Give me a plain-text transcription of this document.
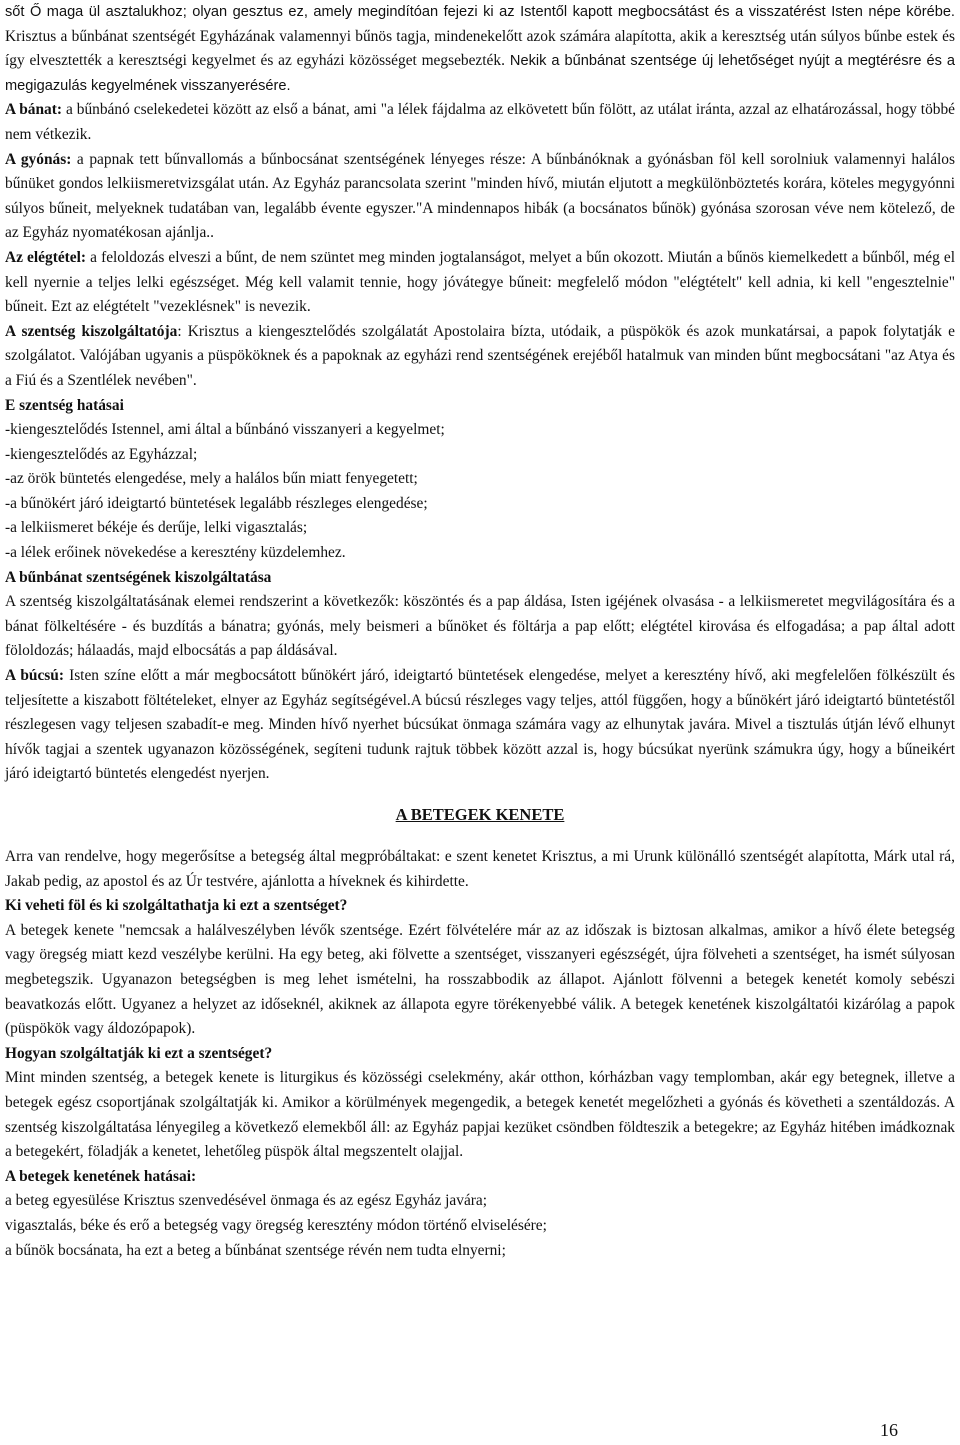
sőt Ő maga ül asztalukhoz; olyan gesztus ez, amely megindítóan fejezi ki az Istentől kapott megbocsátást és a visszatérést Isten népe körébe. Krisztus a bűnbánat szentségét Egyházának valamennyi bűnös tagja, mindenekelőtt azok számára alapította, akik a keresztség után súlyos bűnbe estek és így elvesztették a keresztségi kegyelmet és az egyházi közösséget megsebezték. Nekik a bűnbánat szentsége új lehetőséget nyújt a megtérésre és a megigazulás kegyelmének visszanyerésére.

A bánat: a bűnbánó cselekedetei között az első a bánat, ami "a lélek fájdalma az elkövetett bűn fölött, az utálat iránta, azzal az elhatározással, hogy többé nem vétkezik.

A gyónás: a papnak tett bűnvallomás a bűnbocsánat szentségének lényeges része: A bűnbánóknak a gyónásban föl kell sorolniuk valamennyi halálos bűnüket gondos lelkiismeretvizsgálat után. Az Egyház parancsolata szerint "minden hívő, miután eljutott a megkülönböztetés korára, köteles megygyónni súlyos bűneit, melyeknek tudatában van, legalább évente egyszer."A mindennapos hibák (a bocsánatos bűnök) gyónása szorosan véve nem kötelező, de az Egyház nyomatékosan ajánlja..

Az elégtétel: a feloldozás elveszi a bűnt, de nem szüntet meg minden jogtalanságot, melyet a bűn okozott. Miután a bűnös kiemelkedett a bűnből, még el kell nyernie a teljes lelki egészséget. Még kell valamit tennie, hogy jóvátegye bűneit: megfelelő módon "elégtételt" kell adnia, ki kell "engesztelnie" bűneit. Ezt az elégtételt "vezeklésnek" is nevezik.

A szentség kiszolgáltatója: Krisztus a kiengesztelődés szolgálatát Apostolaira bízta, utódaik, a püspökök és azok munkatársai, a papok folytatják e szolgálatot. Valójában ugyanis a püspököknek és a papoknak az egyházi rend szentségének erejéből hatalmuk van minden bűnt megbocsátani "az Atya és a Fiú és a Szentlélek nevében".

E szentség hatásai
-kiengesztelődés Istennel, ami által a bűnbánó visszanyeri a kegyelmet;
-kiengesztelődés az Egyházzal;
-az örök büntetés elengedése, mely a halálos bűn miatt fenyegetett;
-a bűnökért járó ideigtartó büntetések legalább részleges elengedése;
-a lelkiismeret békéje és derűje, lelki vigasztalás;
-a lélek erőinek növekedése a keresztény küzdelemhez.
A bűnbánat szentségének kiszolgáltatása

A szentség kiszolgáltatásának elemei rendszerint a következők: köszöntés és a pap áldása, Isten igéjének olvasása - a lelkiismeretet megvilágosítára és a bánat fölkeltésére - és buzdítás a bánatra; gyónás, mely beismeri a bűnöket és föltárja a pap előtt; elégtétel kirovása és elfogadása; a pap által adott föloldozás; hálaadás, majd elbocsátás a pap áldásával.

A búcsú: Isten színe előtt a már megbocsátott bűnökért járó, ideigtartó büntetések elengedése, melyet a keresztény hívő, aki megfelelően fölkészült és teljesítette a kiszabott föltételeket, elnyer az Egyház segítségével.A búcsú részleges vagy teljes, attól függően, hogy a bűnökért járó ideigtartó büntetéstől részlegesen vagy teljesen szabadít-e meg. Minden hívő nyerhet búcsúkat önmaga számára vagy az elhunytak javára. Mivel a tisztulás útján lévő elhunyt hívők tagjai a szentek ugyanazon közösségének, segíteni tudunk rajtuk többek között azzal is, hogy búcsúkat nyerünk számukra úgy, hogy a bűneikért járó ideigtartó büntetés elengedést nyerjen.

A BETEGEK KENETE

Arra van rendelve, hogy megerősítse a betegség által megpróbáltakat: e szent kenetet Krisztus, a mi Urunk különálló szentségét alapította, Márk utal rá, Jakab pedig, az apostol és az Úr testvére, ajánlotta a híveknek és kihirdette.

Ki veheti föl és ki szolgáltathatja ki ezt a szentséget?

A betegek kenete "nemcsak a halálveszélyben lévők szentsége. Ezért fölvételére már az az időszak is biztosan alkalmas, amikor a hívő élete betegség vagy öregség miatt kezd veszélybe kerülni. Ha egy beteg, aki fölvette a szentséget, visszanyeri egészségét, újra fölveheti a szentséget, ha ismét súlyosan megbetegszik. Ugyanazon betegségben is meg lehet ismételni, ha rosszabbodik az állapot. Ajánlott fölvenni a betegek kenetét komoly sebészi beavatkozás előtt. Ugyanez a helyzet az időseknél, akiknek az állapota egyre törékenyebbé válik. A betegek kenetének kiszolgáltatói kizárólag a papok (püspökök vagy áldozópapok).

Hogyan szolgáltatják ki ezt a szentséget?

Mint minden szentség, a betegek kenete is liturgikus és közösségi cselekmény, akár otthon, kórházban vagy templomban, akár egy betegnek, illetve a betegek egész csoportjának szolgáltatják ki. Amikor a körülmények megengedik, a betegek kenetét megelőzheti a gyónás és követheti a szentáldozás. A szentség kiszolgáltatása lényegileg a következő elemekből áll: az Egyház papjai kezüket csöndben földteszik a betegekre; az Egyház hitében imádkoznak a betegekért, föladják a kenetet, lehetőleg püspök által megszentelt olajjal.

A betegek kenetének hatásai:
a beteg egyesülése Krisztus szenvedésével önmaga és az egész Egyház javára;
vigasztalás, béke és erő a betegség vagy öregség keresztény módon történő elviselésére;
a bűnök bocsánata, ha ezt a beteg a bűnbánat szentsége révén nem tudta elnyerni;
16
